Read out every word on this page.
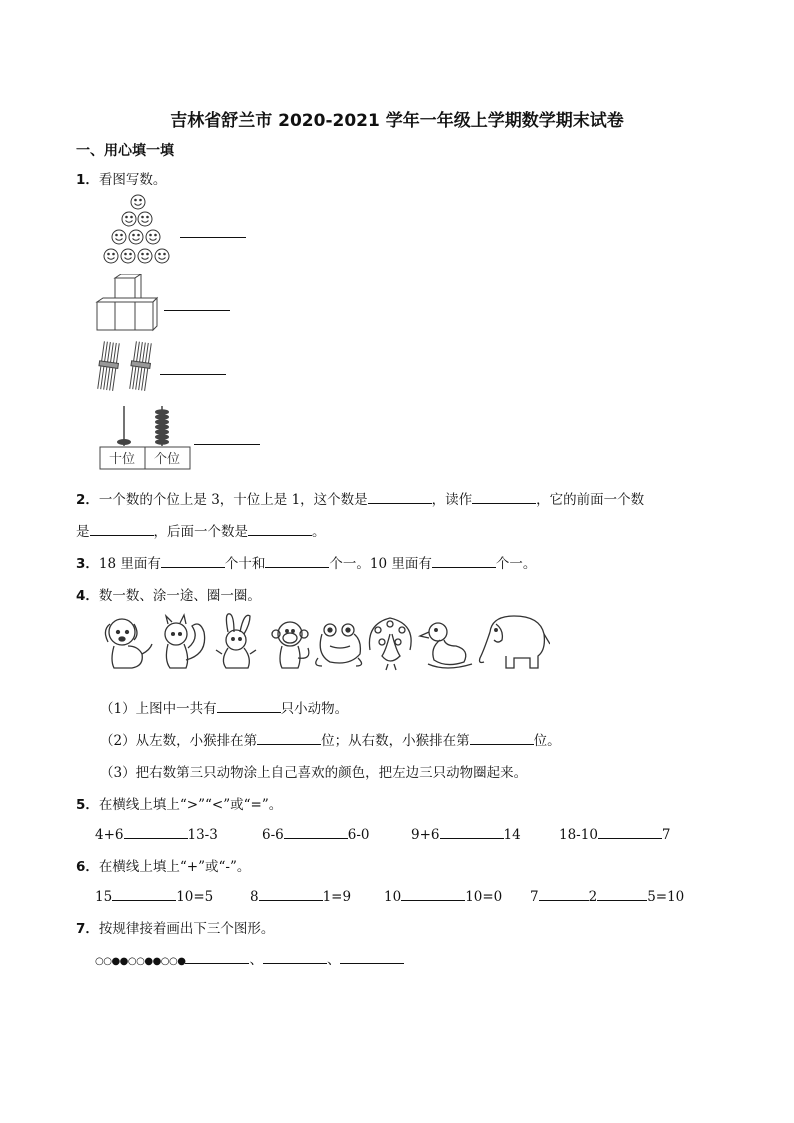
吉林省舒兰市 2020-2021 学年一年级上学期数学期末试卷
一、用心填一填
1．看图写数。
十位 个位
2．一个数的个位上是 3，十位上是 1，这个数是	，读作	，它的前面一个数
是	，后面一个数是	。
3．18 里面有	个十和	个一。10 里面有	个一。
4．数一数、涂一途、圈一圈。
（1）上图中一共有	只小动物。
（2）从左数，小猴排在第	位；从右数，小猴排在第	位。
（3）把右数第三只动物涂上自己喜欢的颜色，把左边三只动物圈起来。
5．在横线上填上“>”“<”或“=”。
4+6	13-3	6-6	6-0	9+6	14	18-10	7
6．在横线上填上“+”或“-”。
15	10=5	8	1=9 10	10=0 7	2	5=10
7．按规律接着画出下三个图形。
○○●●○○●●○○●	、	、
